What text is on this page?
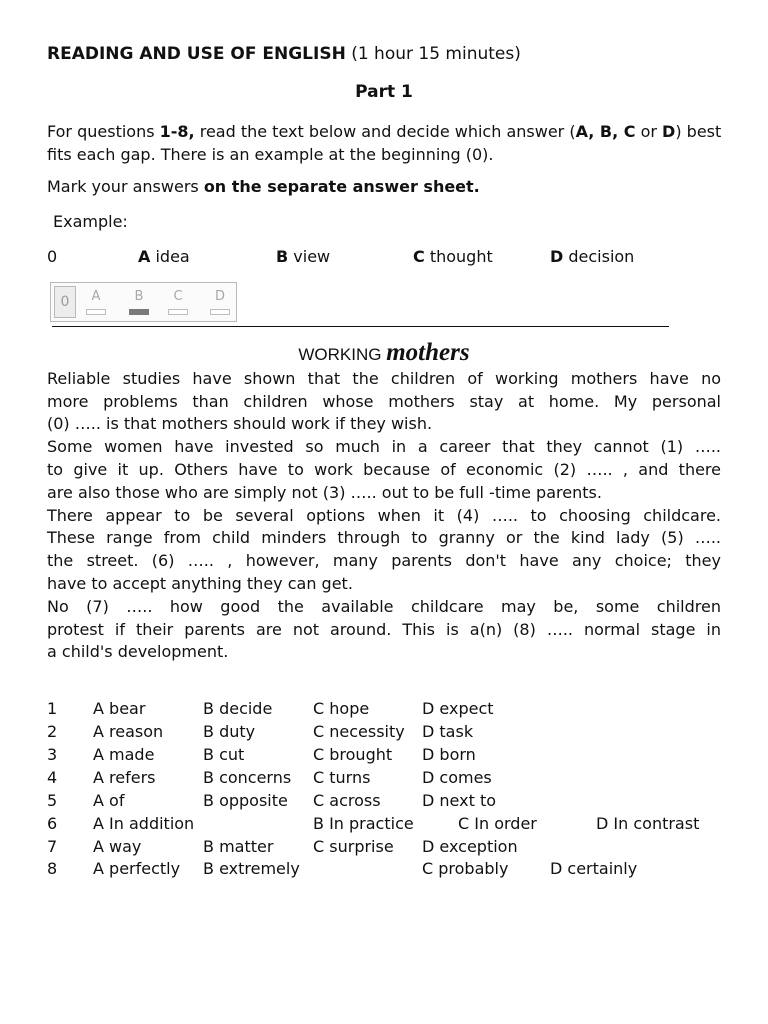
READING AND USE OF ENGLISH (1 hour 15 minutes)
Part 1
For questions 1-8, read the text below and decide which answer (A, B, C or D) best fits each gap. There is an example at the beginning (0).
Mark your answers on the separate answer sheet.
Example:
0	A idea	B view	C thought	D decision
0	A	B	C	D
WORKING mothers
Reliable studies have shown that the children of working mothers have no
more problems than children whose mothers stay at home. My personal
(0) ….. is that mothers should work if they wish.
Some women have invested so much in a career that they cannot (1) …..
to give it up. Others have to work because of economic (2) ….. , and there
are also those who are simply not (3) ….. out to be full -time parents.
There appear to be several options when it (4) ….. to choosing childcare.
These range from child minders through to granny or the kind lady (5) …..
the street. (6) ….. , however, many parents don't have any choice; they
have to accept anything they can get.
No (7) ….. how good the available childcare may be, some children
protest if their parents are not around. This is a(n) (8) ….. normal stage in
a child's development.
1 A bear	B decide	C hope	D expect
2 A reason B duty	C necessity D task
3 A made	B cut	C brought D born
4 A refers	B concerns C turns	D comes
5 A of	B opposite C across	D next to
6 A In addition	B In practice	C In order	D In contrast
7 A way	B matter C surprise D exception
8 A perfectly B extremely	C probably	D certainly
